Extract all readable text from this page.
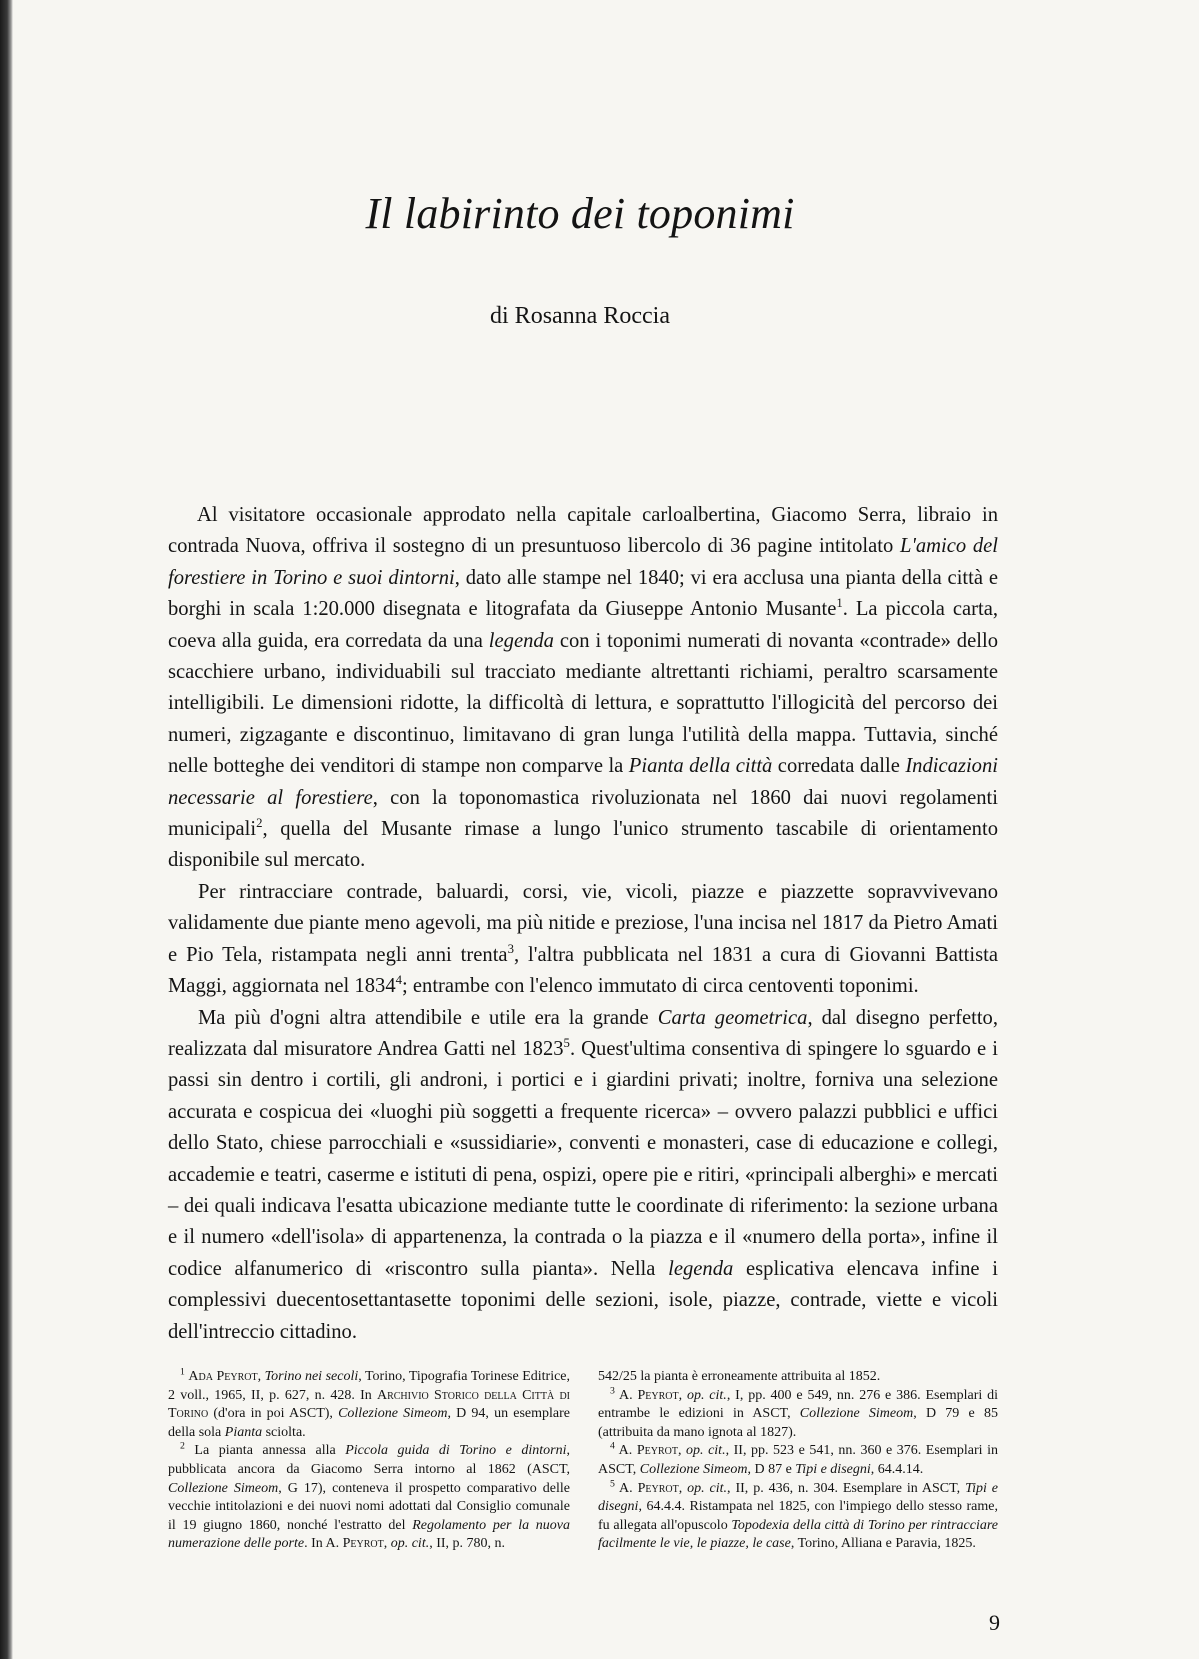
Il labirinto dei toponimi
di Rosanna Roccia

Al visitatore occasionale approdato nella capitale carloalbertina, Giacomo Serra, libraio in contrada Nuova, offriva il sostegno di un presuntuoso libercolo di 36 pagine intitolato L'amico del forestiere in Torino e suoi dintorni, dato alle stampe nel 1840; vi era acclusa una pianta della città e borghi in scala 1:20.000 disegnata e litografata da Giuseppe Antonio Musante$^1$. La piccola carta, coeva alla guida, era corredata da una legenda con i toponimi numerati di novanta «contrade» dello scacchiere urbano, individuabili sul tracciato mediante altrettanti richiami, peraltro scarsamente intelligibili. Le dimensioni ridotte, la difficoltà di lettura, e soprattutto l'illogicità del percorso dei numeri, zigzagante e discontinuo, limitavano di gran lunga l'utilità della mappa. Tuttavia, sinché nelle botteghe dei venditori di stampe non comparve la Pianta della città corredata dalle Indicazioni necessarie al forestiere, con la toponomastica rivoluzionata nel 1860 dai nuovi regolamenti municipali$^2$, quella del Musante rimase a lungo l'unico strumento tascabile di orientamento disponibile sul mercato.

Per rintracciare contrade, baluardi, corsi, vie, vicoli, piazze e piazzette sopravvivevano validamente due piante meno agevoli, ma più nitide e preziose, l'una incisa nel 1817 da Pietro Amati e Pio Tela, ristampata negli anni trenta$^3$, l'altra pubblicata nel 1831 a cura di Giovanni Battista Maggi, aggiornata nel 1834$^4$; entrambe con l'elenco immutato di circa centoventi toponimi.

Ma più d'ogni altra attendibile e utile era la grande Carta geometrica, dal disegno perfetto, realizzata dal misuratore Andrea Gatti nel 1823$^5$. Quest'ultima consentiva di spingere lo sguardo e i passi sin dentro i cortili, gli androni, i portici e i giardini privati; inoltre, forniva una selezione accurata e cospicua dei «luoghi più soggetti a frequente ricerca» – ovvero palazzi pubblici e uffici dello Stato, chiese parrocchiali e «sussidiarie», conventi e monasteri, case di educazione e collegi, accademie e teatri, caserme e istituti di pena, ospizi, opere pie e ritiri, «principali alberghi» e mercati – dei quali indicava l'esatta ubicazione mediante tutte le coordinate di riferimento: la sezione urbana e il numero «dell'isola» di appartenenza, la contrada o la piazza e il «numero della porta», infine il codice alfanumerico di «riscontro sulla pianta». Nella legenda esplicativa elencava infine i complessivi duecentosettantasette toponimi delle sezioni, isole, piazze, contrade, viette e vicoli dell'intreccio cittadino.

$^1$ Ada Peyrot, Torino nei secoli, Torino, Tipografia Torinese Editrice, 2 voll., 1965, II, p. 627, n. 428. In Archivio Storico della Città di Torino (d'ora in poi ASCT), Collezione Simeom, D 94, un esemplare della sola Pianta sciolta.

$^2$ La pianta annessa alla Piccola guida di Torino e dintorni, pubblicata ancora da Giacomo Serra intorno al 1862 (ASCT, Collezione Simeom, G 17), conteneva il prospetto comparativo delle vecchie intitolazioni e dei nuovi nomi adottati dal Consiglio comunale il 19 giugno 1860, nonché l'estratto del Regolamento per la nuova numerazione delle porte. In A. Peyrot, op. cit., II, p. 780, n.

542/25 la pianta è erroneamente attribuita al 1852.

$^3$ A. Peyrot, op. cit., I, pp. 400 e 549, nn. 276 e 386. Esemplari di entrambe le edizioni in ASCT, Collezione Simeom, D 79 e 85 (attribuita da mano ignota al 1827).

$^4$ A. Peyrot, op. cit., II, pp. 523 e 541, nn. 360 e 376. Esemplari in ASCT, Collezione Simeom, D 87 e Tipi e disegni, 64.4.14.

$^5$ A. Peyrot, op. cit., II, p. 436, n. 304. Esemplare in ASCT, Tipi e disegni, 64.4.4. Ristampata nel 1825, con l'impiego dello stesso rame, fu allegata all'opuscolo Topodexia della città di Torino per rintracciare facilmente le vie, le piazze, le case, Torino, Alliana e Paravia, 1825.

9
